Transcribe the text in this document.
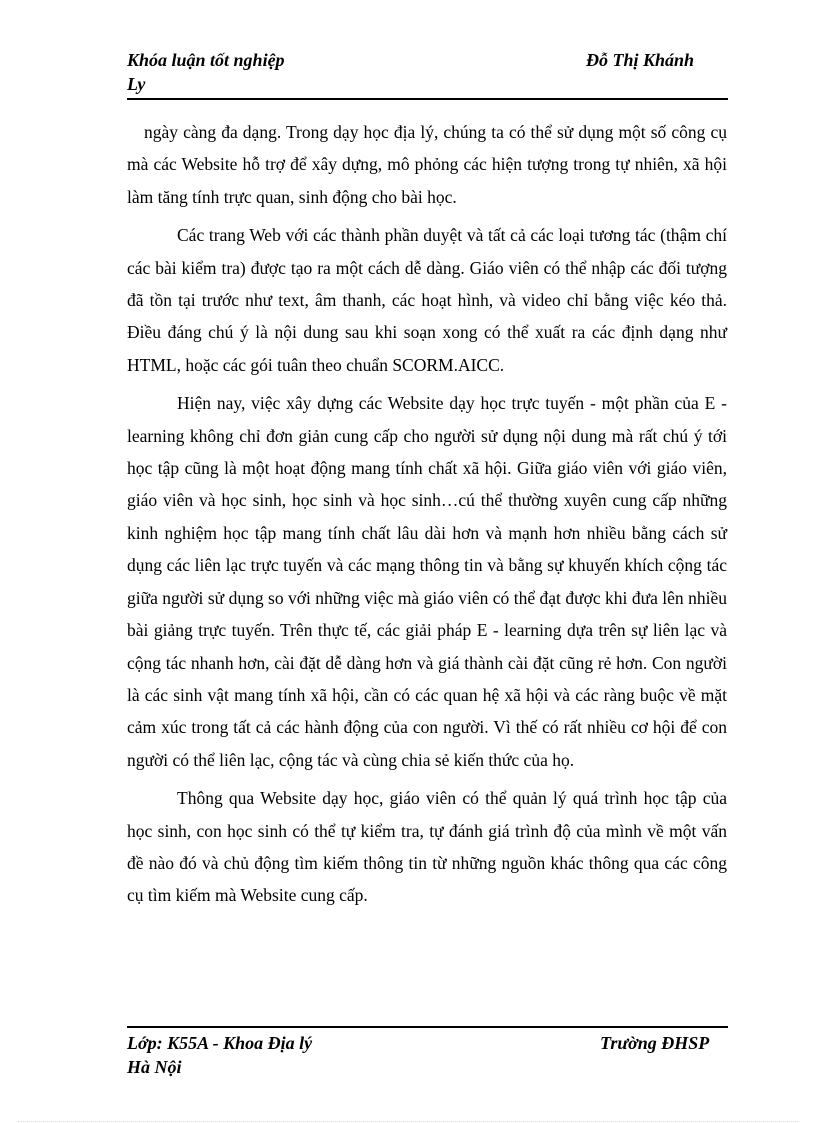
Khóa luận tốt nghiệp	Đỗ Thị Khánh
Ly

ngày càng đa dạng. Trong dạy học địa lý, chúng ta có thể sử dụng một số công cụ mà các Website hỗ trợ để xây dựng, mô phỏng các hiện tượng trong tự nhiên, xã hội làm tăng tính trực quan, sinh động cho bài học.

Các trang Web với các thành phần duyệt và tất cả các loại tương tác (thậm chí các bài kiểm tra) được tạo ra một cách dễ dàng. Giáo viên có thể nhập các đối tượng đã tồn tại trước như text, âm thanh, các hoạt hình, và video chỉ bằng việc kéo thả. Điều đáng chú ý là nội dung sau khi soạn xong có thể xuất ra các định dạng như HTML, hoặc các gói tuân theo chuẩn SCORM.AICC.

Hiện nay, việc xây dựng các Website dạy học trực tuyến - một phần của E - learning không chỉ đơn giản cung cấp cho người sử dụng nội dung mà rất chú ý tới học tập cũng là một hoạt động mang tính chất xã hội. Giữa giáo viên với giáo viên, giáo viên và học sinh, học sinh và học sinh…cú thể thường xuyên cung cấp những kinh nghiệm học tập mang tính chất lâu dài hơn và mạnh hơn nhiều bằng cách sử dụng các liên lạc trực tuyến và các mạng thông tin và bằng sự khuyến khích cộng tác giữa người sử dụng so với những việc mà giáo viên có thể đạt được khi đưa lên nhiều bài giảng trực tuyến. Trên thực tế, các giải pháp E - learning dựa trên sự liên lạc và cộng tác nhanh hơn, cài đặt dễ dàng hơn và giá thành cài đặt cũng rẻ hơn. Con người là các sinh vật mang tính xã hội, cần có các quan hệ xã hội và các ràng buộc về mặt cảm xúc trong tất cả các hành động của con người. Vì thế có rất nhiều cơ hội để con người có thể liên lạc, cộng tác và cùng chia sẻ kiến thức của họ.

Thông qua Website dạy học, giáo viên có thể quản lý quá trình học tập của học sinh, con học sinh có thể tự kiểm tra, tự đánh giá trình độ của mình về một vấn đề nào đó và chủ động tìm kiếm thông tin từ những nguồn khác thông qua các công cụ tìm kiếm mà Website cung cấp.

Lớp: K55A - Khoa Địa lý	Trường ĐHSP
Hà Nội
